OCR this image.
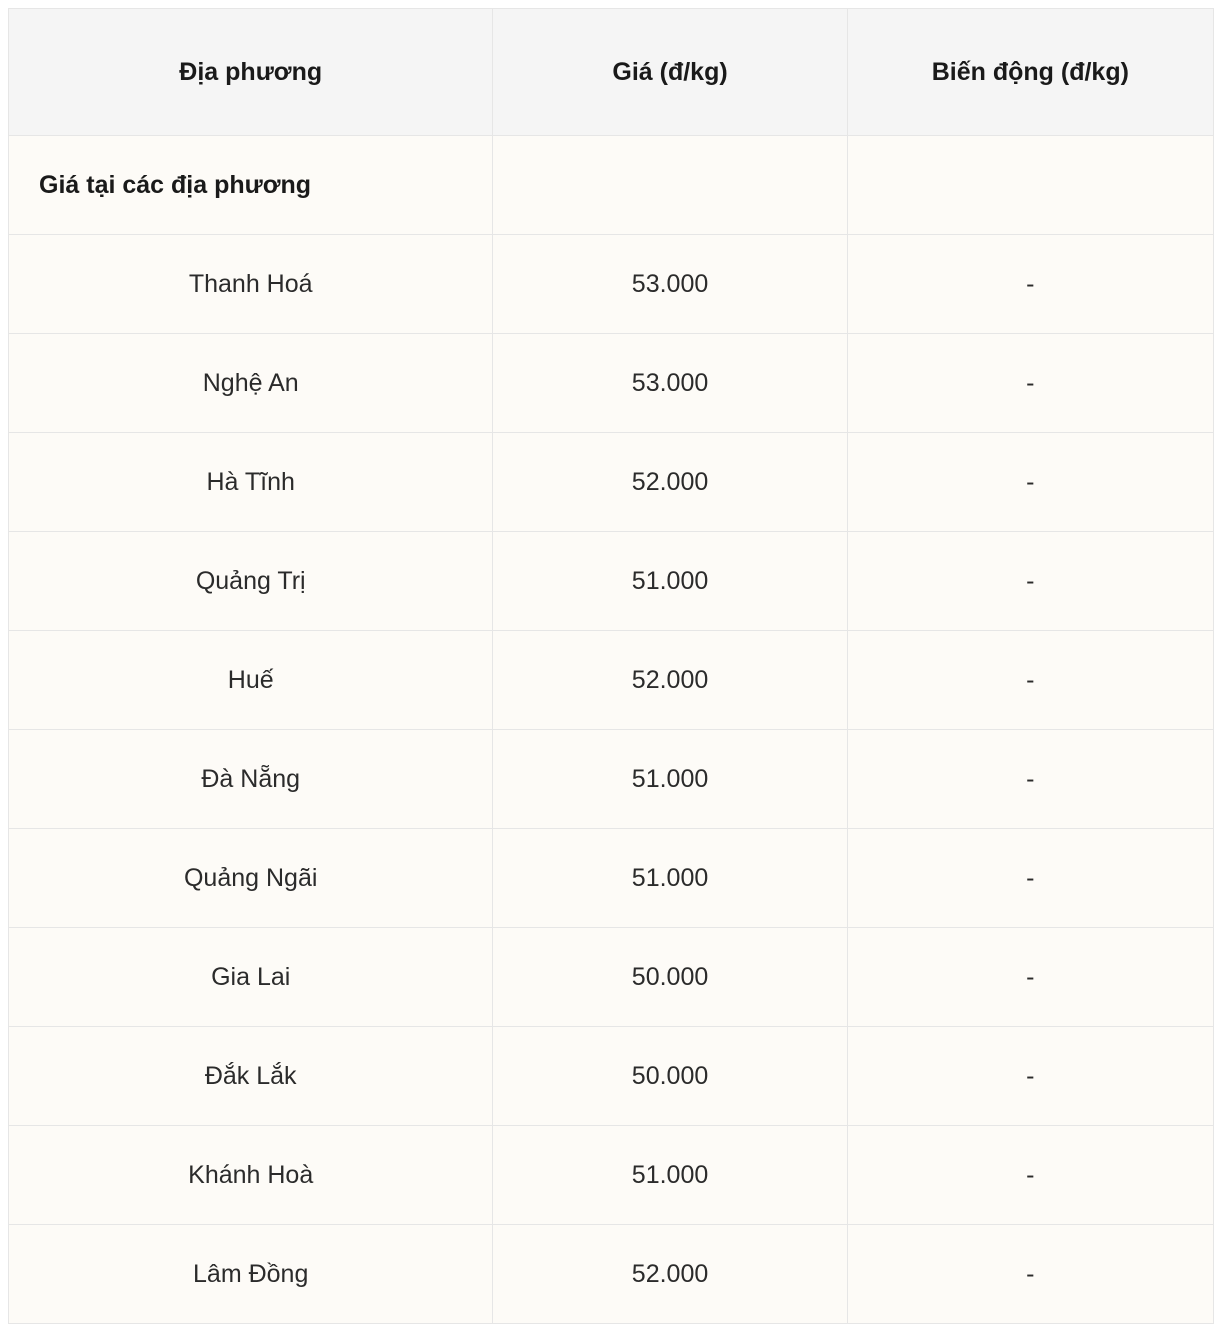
Địa phương	Giá (đ/kg)	Biến động (đ/kg)
Giá tại các địa phương		
Thanh Hoá	53.000	-
Nghệ An	53.000	-
Hà Tĩnh	52.000	-
Quảng Trị	51.000	-
Huế	52.000	-
Đà Nẵng	51.000	-
Quảng Ngãi	51.000	-
Gia Lai	50.000	-
Đắk Lắk	50.000	-
Khánh Hoà	51.000	-
Lâm Đồng	52.000	-
